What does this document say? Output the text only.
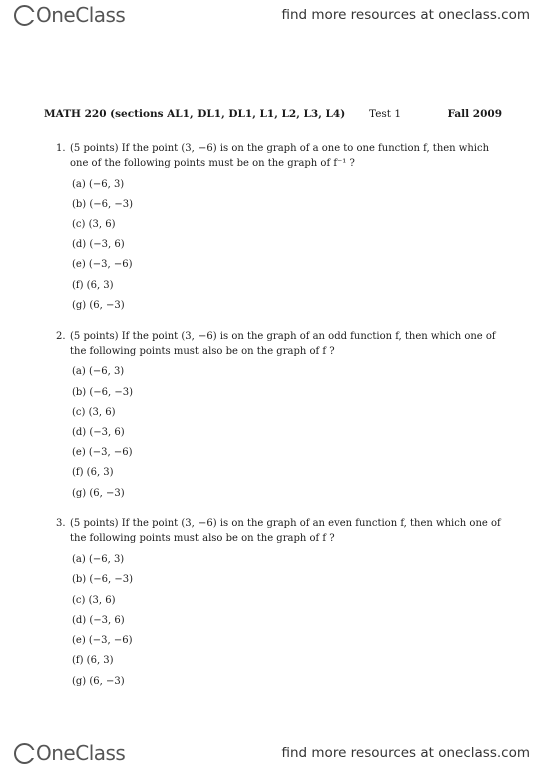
OneClass	find more resources at oneclass.com
MATH 220 (sections AL1, DL1, DL1, L1, L2, L3, L4) Test 1	Fall 2009
1. (5 points) If the point (3, −6) is on the graph of a one to one function f, then which one of the following points must be on the graph of f⁻¹ ?
(a) (−6, 3)
(b) (−6, −3)
(c) (3, 6)
(d) (−3, 6)
(e) (−3, −6)
(f) (6, 3)
(g) (6, −3)
2. (5 points) If the point (3, −6) is on the graph of an odd function f, then which one of the following points must also be on the graph of f ?
(a) (−6, 3)
(b) (−6, −3)
(c) (3, 6)
(d) (−3, 6)
(e) (−3, −6)
(f) (6, 3)
(g) (6, −3)
3. (5 points) If the point (3, −6) is on the graph of an even function f, then which one of the following points must also be on the graph of f ?
(a) (−6, 3)
(b) (−6, −3)
(c) (3, 6)
(d) (−3, 6)
(e) (−3, −6)
(f) (6, 3)
(g) (6, −3)
OneClass	find more resources at oneclass.com
